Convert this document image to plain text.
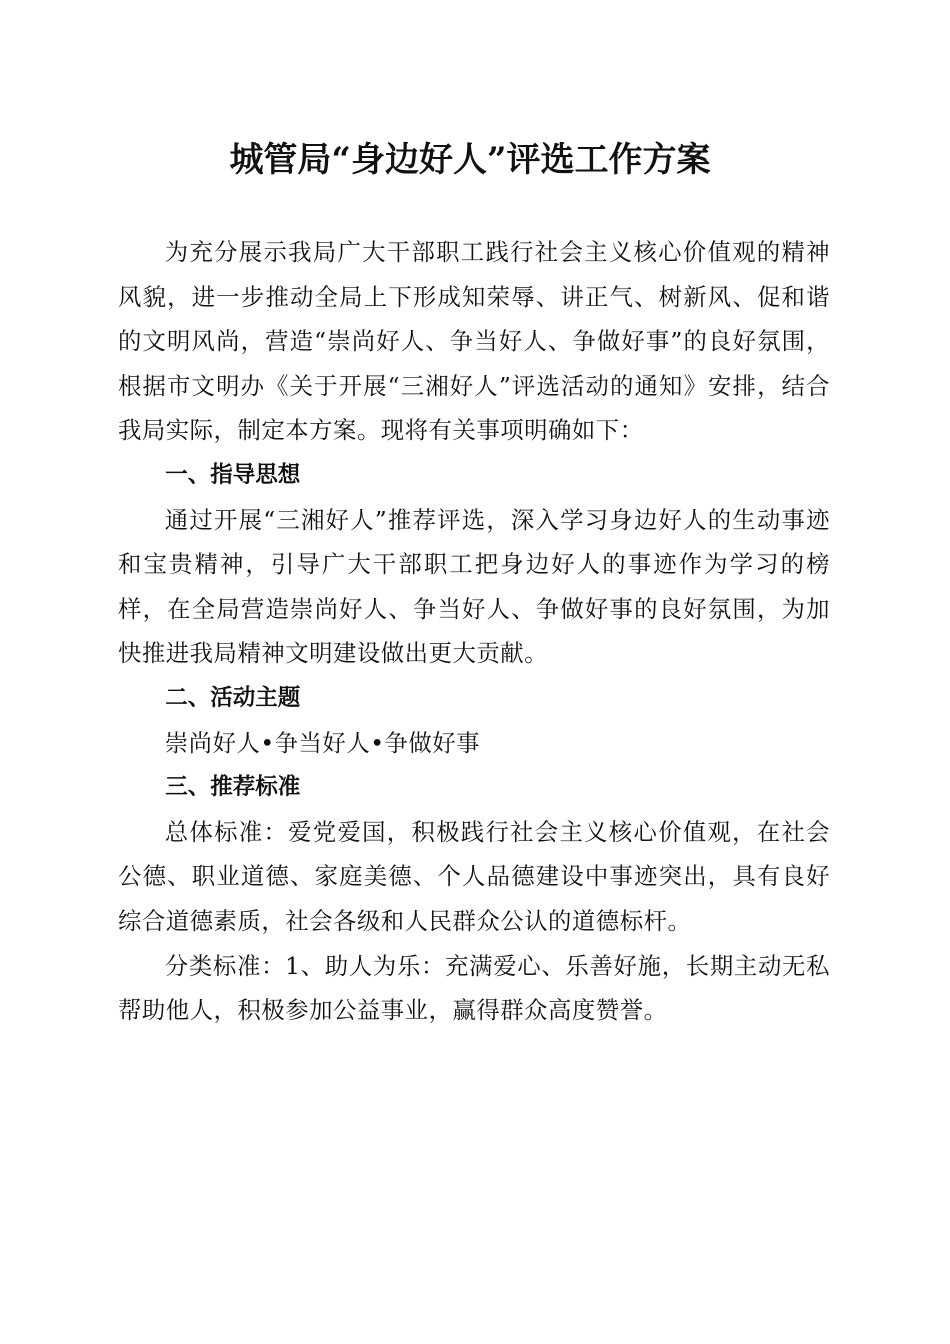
城管局“身边好人”评选工作方案

为充分展示我局广大干部职工践行社会主义核心价值观的精神风貌，进一步推动全局上下形成知荣辱、讲正气、树新风、促和谐的文明风尚，营造“崇尚好人、争当好人、争做好事”的良好氛围，根据市文明办《关于开展“三湘好人”评选活动的通知》安排，结合我局实际，制定本方案。现将有关事项明确如下：

一、指导思想

通过开展“三湘好人”推荐评选，深入学习身边好人的生动事迹和宝贵精神，引导广大干部职工把身边好人的事迹作为学习的榜样，在全局营造崇尚好人、争当好人、争做好事的良好氛围，为加快推进我局精神文明建设做出更大贡献。

二、活动主题

崇尚好人•争当好人•争做好事

三、推荐标准

总体标准：爱党爱国，积极践行社会主义核心价值观，在社会公德、职业道德、家庭美德、个人品德建设中事迹突出，具有良好综合道德素质，社会各级和人民群众公认的道德标杆。

分类标准：1、助人为乐：充满爱心、乐善好施，长期主动无私帮助他人，积极参加公益事业，赢得群众高度赞誉。
